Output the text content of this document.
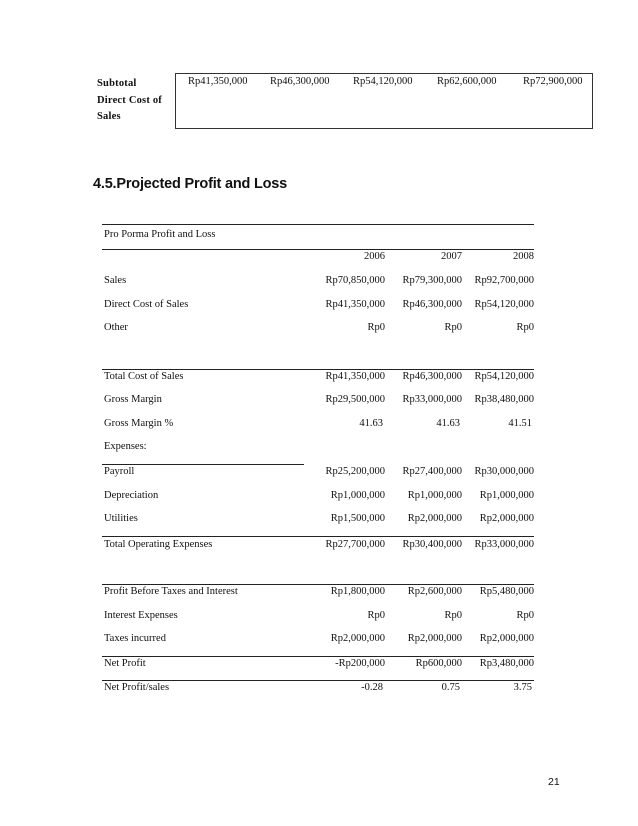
Subtotal
Direct Cost of
Sales
Rp41,350,000 Rp46,300,000 Rp54,120,000 Rp62,600,000	Rp72,900,000
4.5.Projected Profit and Loss
Pro Porma Profit and Loss
2006	2007	2008
Sales	Rp70,850,000 Rp79,300,000 Rp92,700,000
Direct Cost of Sales	Rp41,350,000 Rp46,300,000 Rp54,120,000
Other	Rp0	Rp0	Rp0
Total Cost of Sales	Rp41,350,000 Rp46,300,000 Rp54,120,000
Gross Margin	Rp29,500,000 Rp33,000,000 Rp38,480,000
Gross Margin %	41.63	41.63	41.51
Expenses:
Payroll	Rp25,200,000 Rp27,400,000 Rp30,000,000
Depreciation	Rp1,000,000 Rp1,000,000 Rp1,000,000
Utilities	Rp1,500,000 Rp2,000,000 Rp2,000,000
Total Operating Expenses	Rp27,700,000 Rp30,400,000 Rp33,000,000
Profit Before Taxes and Interest	Rp1,800,000 Rp2,600,000 Rp5,480,000
Interest Expenses	Rp0	Rp0	Rp0
Taxes incurred	Rp2,000,000 Rp2,000,000 Rp2,000,000
Net Profit	-Rp200,000	Rp600,000 Rp3,480,000
Net Profit/sales	-0.28	0.75	3.75
21
